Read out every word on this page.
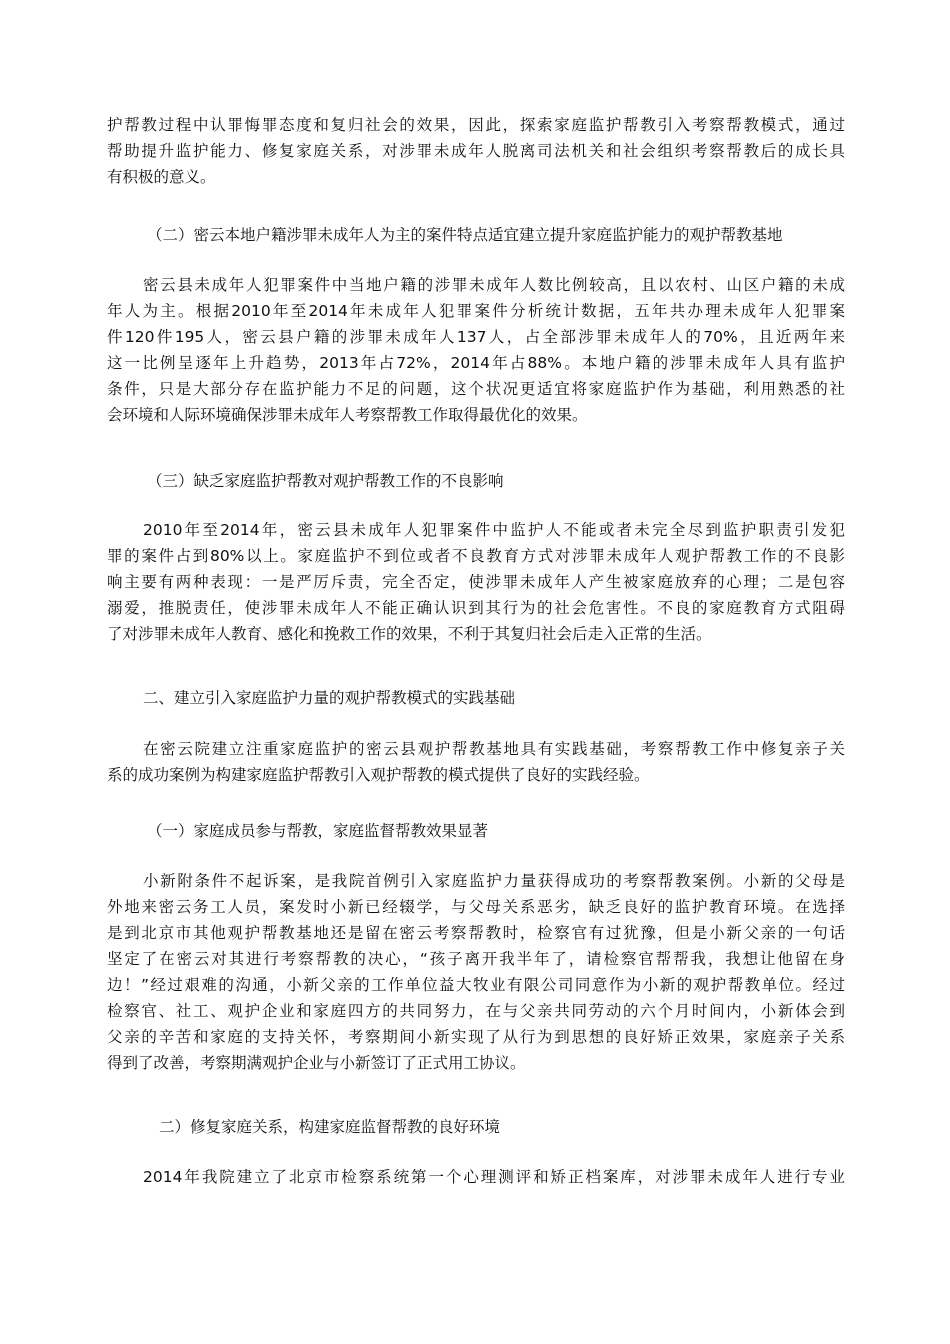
护帮教过程中认罪悔罪态度和复归社会的效果，因此，探索家庭监护帮教引入考察帮教模式，通过
帮助提升监护能力、修复家庭关系，对涉罪未成年人脱离司法机关和社会组织考察帮教后的成长具
有积极的意义。
（二）密云本地户籍涉罪未成年人为主的案件特点适宜建立提升家庭监护能力的观护帮教基地
密云县未成年人犯罪案件中当地户籍的涉罪未成年人数比例较高，且以农村、山区户籍的未成
年人为主。根据2010年至2014年未成年人犯罪案件分析统计数据，五年共办理未成年人犯罪案
件120件195人，密云县户籍的涉罪未成年人137人，占全部涉罪未成年人的70%，且近两年来
这一比例呈逐年上升趋势，2013年占72%，2014年占88%。本地户籍的涉罪未成年人具有监护
条件，只是大部分存在监护能力不足的问题，这个状况更适宜将家庭监护作为基础，利用熟悉的社
会环境和人际环境确保涉罪未成年人考察帮教工作取得最优化的效果。
（三）缺乏家庭监护帮教对观护帮教工作的不良影响
2010年至2014年，密云县未成年人犯罪案件中监护人不能或者未完全尽到监护职责引发犯
罪的案件占到80%以上。家庭监护不到位或者不良教育方式对涉罪未成年人观护帮教工作的不良影
响主要有两种表现：一是严厉斥责，完全否定，使涉罪未成年人产生被家庭放弃的心理；二是包容
溺爱，推脱责任，使涉罪未成年人不能正确认识到其行为的社会危害性。不良的家庭教育方式阻碍
了对涉罪未成年人教育、感化和挽救工作的效果，不利于其复归社会后走入正常的生活。
二、建立引入家庭监护力量的观护帮教模式的实践基础
在密云院建立注重家庭监护的密云县观护帮教基地具有实践基础，考察帮教工作中修复亲子关
系的成功案例为构建家庭监护帮教引入观护帮教的模式提供了良好的实践经验。
（一）家庭成员参与帮教，家庭监督帮教效果显著
小新附条件不起诉案，是我院首例引入家庭监护力量获得成功的考察帮教案例。小新的父母是
外地来密云务工人员，案发时小新已经辍学，与父母关系恶劣，缺乏良好的监护教育环境。在选择
是到北京市其他观护帮教基地还是留在密云考察帮教时，检察官有过犹豫，但是小新父亲的一句话
坚定了在密云对其进行考察帮教的决心，“孩子离开我半年了，请检察官帮帮我，我想让他留在身
边！”经过艰难的沟通，小新父亲的工作单位益大牧业有限公司同意作为小新的观护帮教单位。经过
检察官、社工、观护企业和家庭四方的共同努力，在与父亲共同劳动的六个月时间内，小新体会到
父亲的辛苦和家庭的支持关怀，考察期间小新实现了从行为到思想的良好矫正效果，家庭亲子关系
得到了改善，考察期满观护企业与小新签订了正式用工协议。
二）修复家庭关系，构建家庭监督帮教的良好环境
2014年我院建立了北京市检察系统第一个心理测评和矫正档案库，对涉罪未成年人进行专业
